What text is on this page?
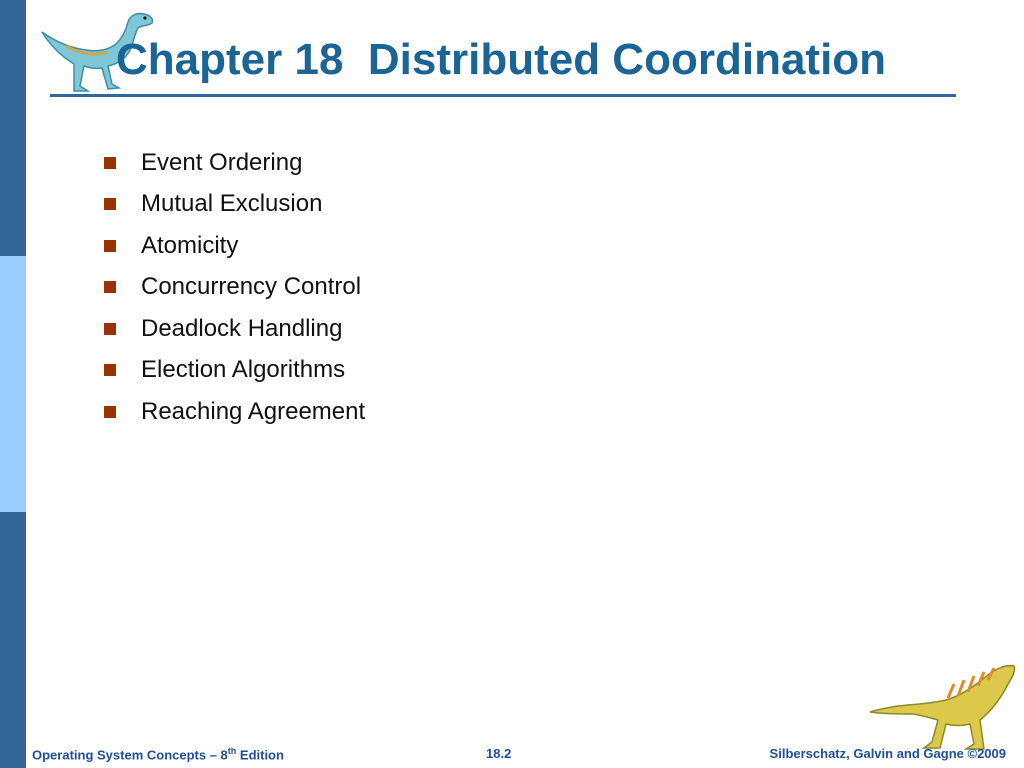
Chapter 18  Distributed Coordination
Event Ordering
Mutual Exclusion
Atomicity
Concurrency Control
Deadlock Handling
Election Algorithms
Reaching Agreement
Operating System Concepts – 8th Edition	18.2	Silberschatz, Galvin and Gagne ©2009
